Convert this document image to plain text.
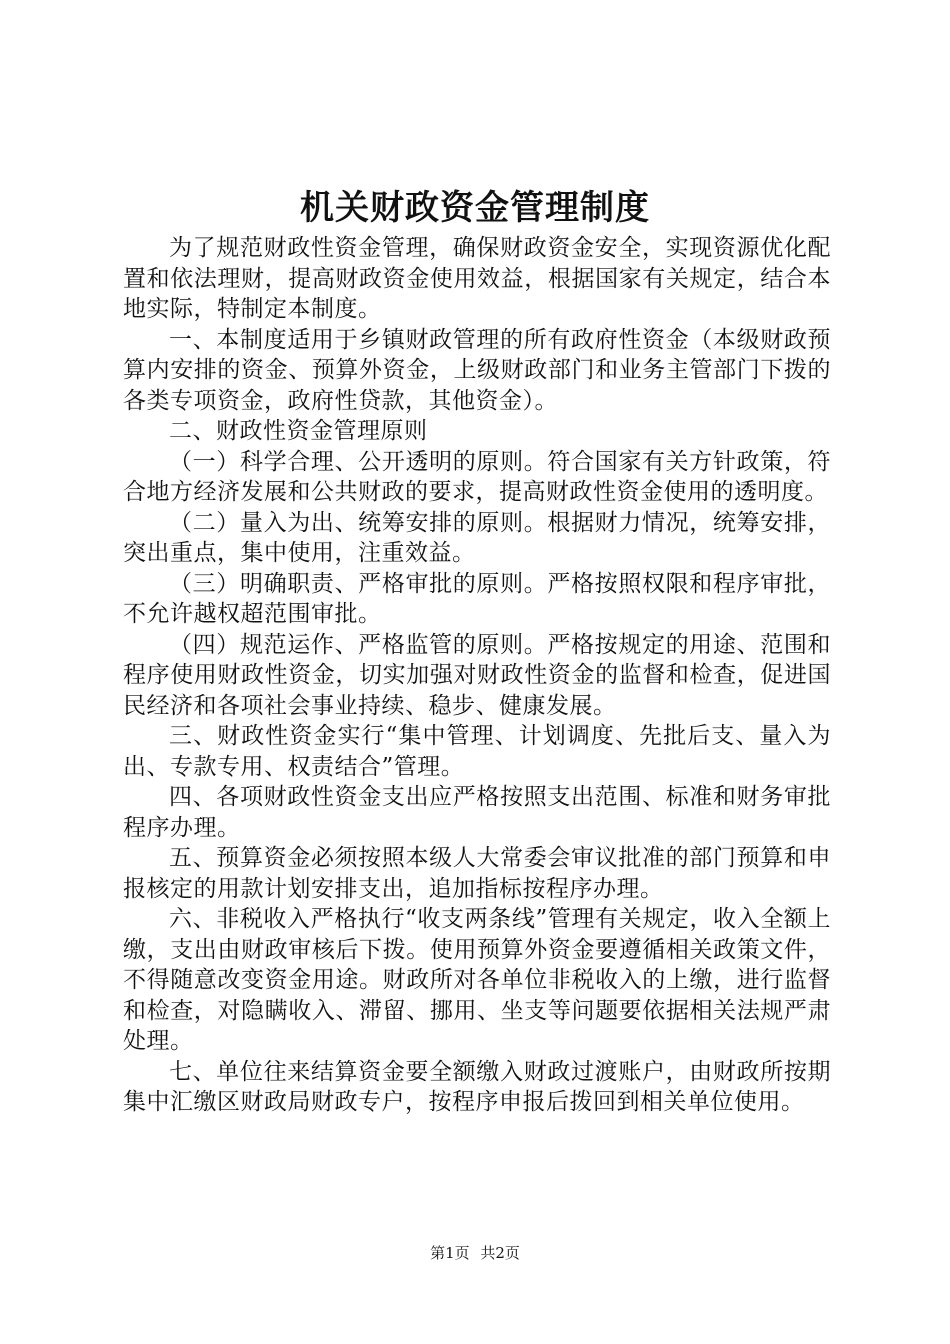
机关财政资金管理制度

为了规范财政性资金管理，确保财政资金安全，实现资源优化配置和依法理财，提高财政资金使用效益，根据国家有关规定，结合本地实际，特制定本制度。

一、本制度适用于乡镇财政管理的所有政府性资金（本级财政预算内安排的资金、预算外资金，上级财政部门和业务主管部门下拨的各类专项资金，政府性贷款，其他资金）。

二、财政性资金管理原则

（一）科学合理、公开透明的原则。符合国家有关方针政策，符合地方经济发展和公共财政的要求，提高财政性资金使用的透明度。

（二）量入为出、统筹安排的原则。根据财力情况，统筹安排，突出重点，集中使用，注重效益。

（三）明确职责、严格审批的原则。严格按照权限和程序审批，不允许越权超范围审批。

（四）规范运作、严格监管的原则。严格按规定的用途、范围和程序使用财政性资金，切实加强对财政性资金的监督和检查，促进国民经济和各项社会事业持续、稳步、健康发展。

三、财政性资金实行“集中管理、计划调度、先批后支、量入为出、专款专用、权责结合”管理。

四、各项财政性资金支出应严格按照支出范围、标准和财务审批程序办理。

五、预算资金必须按照本级人大常委会审议批准的部门预算和申报核定的用款计划安排支出，追加指标按程序办理。

六、非税收入严格执行“收支两条线”管理有关规定，收入全额上缴，支出由财政审核后下拨。使用预算外资金要遵循相关政策文件，不得随意改变资金用途。财政所对各单位非税收入的上缴，进行监督和检查，对隐瞒收入、滞留、挪用、坐支等问题要依据相关法规严肃处理。

七、单位往来结算资金要全额缴入财政过渡账户，由财政所按期集中汇缴区财政局财政专户，按程序申报后拨回到相关单位使用。

第1页 共2页
